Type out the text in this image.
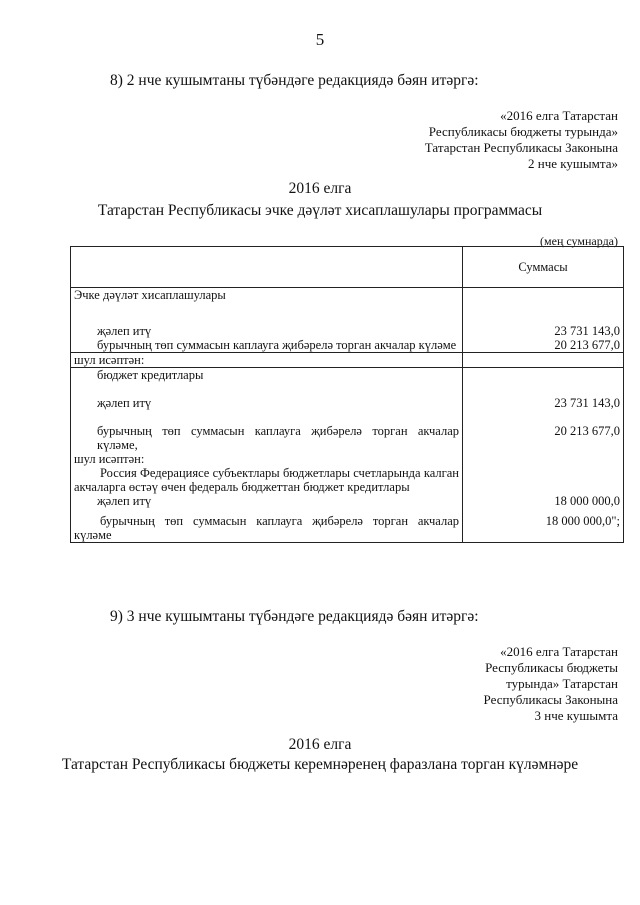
5
8) 2 нче кушымтаны түбәндәге редакциядә бәян итәргә:
«2016 елга Татарстан
Республикасы бюджеты турында»
Татарстан Республикасы Законына
2 нче кушымта»
2016 елга
Татарстан Республикасы эчке дәүләт хисаплашулары программасы
(мең сумнарда)
	Суммасы
Эчке дәүләт хисаплашулары	
җәлеп итү	23 731 143,0
бурычның төп суммасын каплауга җибәрелә торган акчалар күләме	20 213 677,0
шул исәптән:	
бюджет кредитлары	
җәлеп итү	23 731 143,0
бурычның төп суммасын каплауга җибәрелә торган акчалар күләме,	20 213 677,0
шул исәптән:	
Россия Федерациясе субъектлары бюджетлары счетларында калган акчаларга өстәү өчен федераль бюджеттан бюджет кредитлары	
җәлеп итү	18 000 000,0
бурычның төп суммасын каплауга җибәрелә торган акчалар күләме	18 000 000,0";
9) 3 нче кушымтаны түбәндәге редакциядә бәян итәргә:
«2016 елга Татарстан
Республикасы бюджеты
турында» Татарстан
Республикасы Законына
3 нче кушымта
2016 елга
Татарстан Республикасы бюджеты керемнәренең фаразлана торган күләмнәре
